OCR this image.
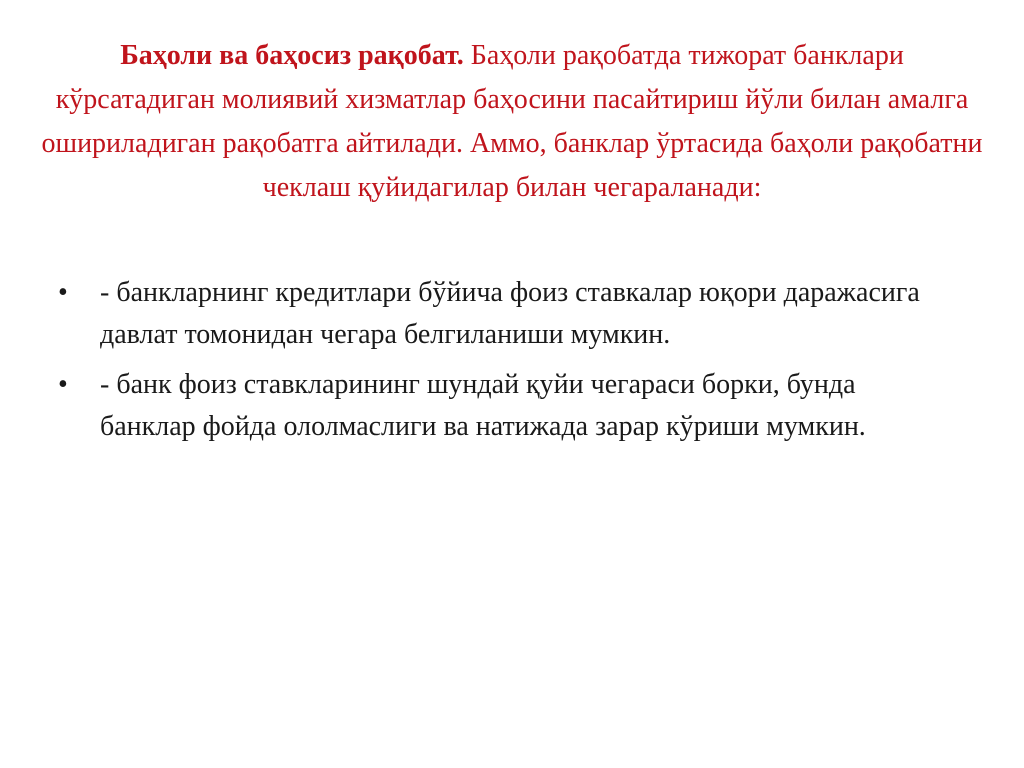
Баҳоли ва баҳосиз рақобат. Баҳоли рақобатда тижорат банклари кўрсатадиган молиявий хизматлар баҳосини пасайтириш йўли билан амалга ошириладиган рақобатга айтилади. Аммо, банклар ўртасида баҳоли рақобатни чеклаш қуйидагилар билан чегараланади:
•	- банкларнинг кредитлари бўйича фоиз ставкалар юқори даражасига давлат томонидан чегара белгиланиши мумкин.
•	- банк фоиз ставкларининг шундай қуйи чегараси борки, бунда банклар фойда ололмаслиги ва натижада зарар кўриши мумкин.
